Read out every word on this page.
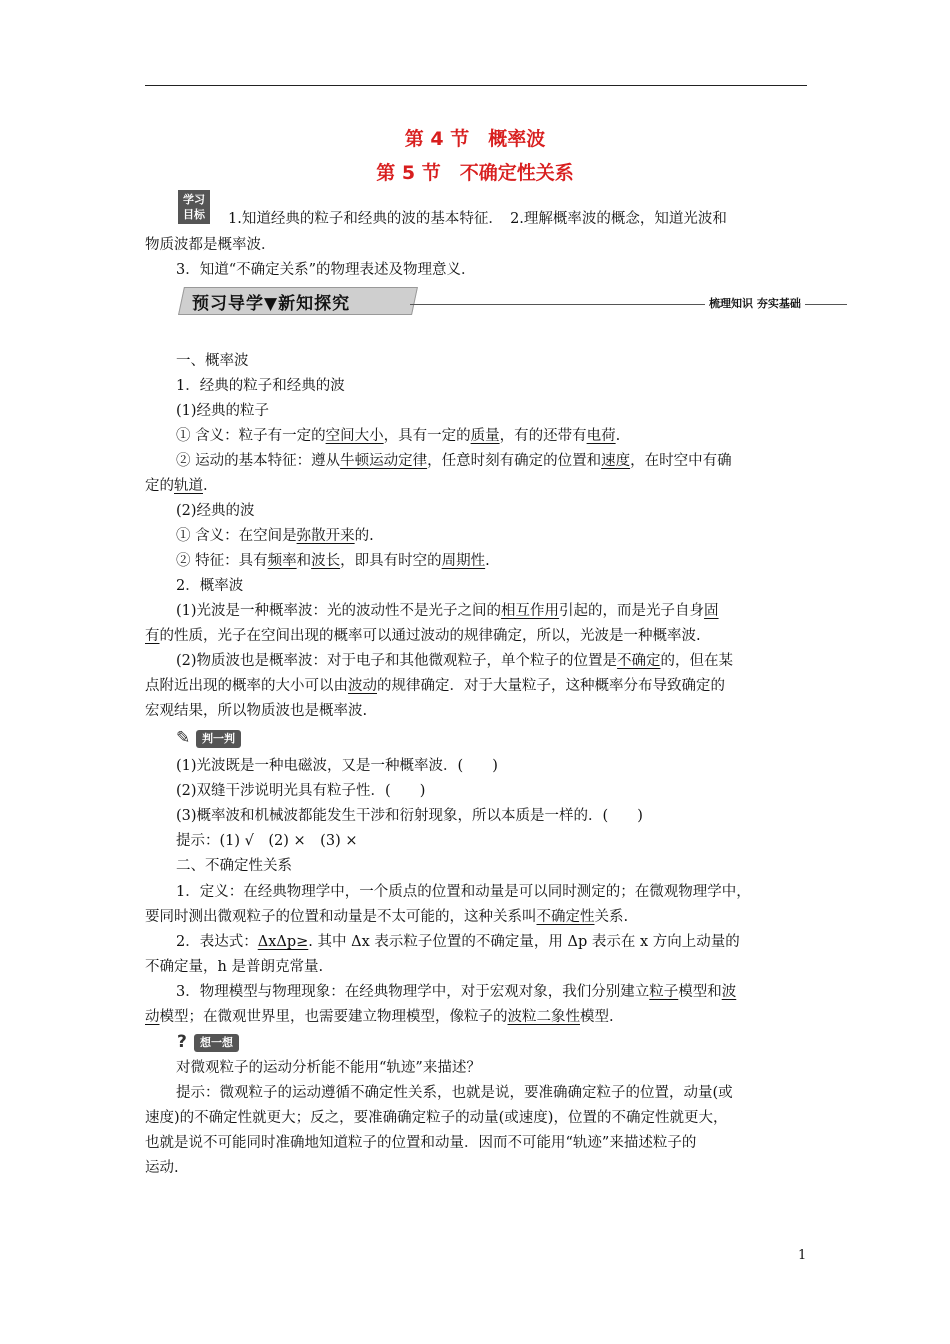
第 4 节　概率波
第 5 节　不确定性关系
学习
目标	1.知道经典的粒子和经典的波的基本特征．　2.理解概率波的概念，知道光波和
物质波都是概率波．
3．知道“不确定关系”的物理表述及物理意义．
预习导学▼新知探究	梳理知识 夯实基础
一、概率波
1．经典的粒子和经典的波
(1)经典的粒子
① 含义：粒子有一定的空间大小，具有一定的质量，有的还带有电荷.
② 运动的基本特征：遵从牛顿运动定律，任意时刻有确定的位置和速度，在时空中有确
定的轨道.
(2)经典的波
① 含义：在空间是弥散开来的.
② 特征：具有频率和波长，即具有时空的周期性.
2．概率波
(1)光波是一种概率波：光的波动性不是光子之间的相互作用引起的，而是光子自身固
有的性质，光子在空间出现的概率可以通过波动的规律确定，所以，光波是一种概率波.
(2)物质波也是概率波：对于电子和其他微观粒子，单个粒子的位置是不确定的，但在某
点附近出现的概率的大小可以由波动的规律确定．对于大量粒子，这种概率分布导致确定的
宏观结果，所以物质波也是概率波.
✎	判一判
(1)光波既是一种电磁波，又是一种概率波．(　　)
(2)双缝干涉说明光具有粒子性．(　　)
(3)概率波和机械波都能发生干涉和衍射现象，所以本质是一样的．(　　)
提示：(1) √　(2) ×　(3) ×
二、不确定性关系
1．定义：在经典物理学中，一个质点的位置和动量是可以同时测定的；在微观物理学中，
要同时测出微观粒子的位置和动量是不太可能的，这种关系叫不确定性关系.
2．表达式：ΔxΔp≥. 其中 Δx 表示粒子位置的不确定量，用 Δp 表示在 x 方向上动量的
不确定量，h 是普朗克常量.
3．物理模型与物理现象：在经典物理学中，对于宏观对象，我们分别建立粒子模型和波
动模型；在微观世界里，也需要建立物理模型，像粒子的波粒二象性模型.
?	想一想
对微观粒子的运动分析能不能用“轨迹”来描述？
提示：微观粒子的运动遵循不确定性关系，也就是说，要准确确定粒子的位置，动量(或
速度)的不确定性就更大；反之，要准确确定粒子的动量(或速度)，位置的不确定性就更大，
也就是说不可能同时准确地知道粒子的位置和动量．因而不可能用“轨迹”来描述粒子的
运动.
1
